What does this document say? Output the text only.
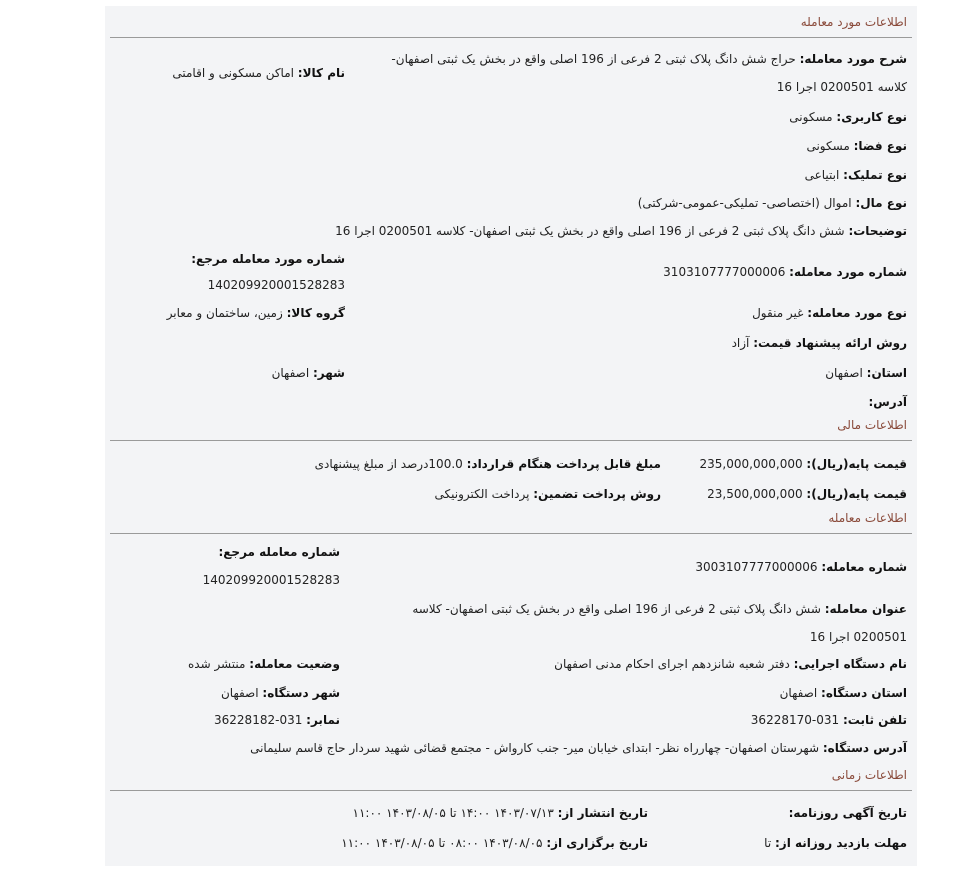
اطلاعات مورد معامله
شرح مورد معامله: حراج شش دانگ پلاک ثبتی 2 فرعی از 196 اصلی واقع در بخش یک ثبتی اصفهان- کلاسه 0200501 اجرا 16
نام کالا: اماکن مسکونی و اقامتی
نوع کاربری: مسکونی
نوع فضا: مسکونی
نوع تملیک: ابتیاعی
نوع مال: اموال (اختصاصی- تملیکی-عمومی-شرکتی)
توضیحات: شش دانگ پلاک ثبتی 2 فرعی از 196 اصلی واقع در بخش یک ثبتی اصفهان- کلاسه 0200501 اجرا 16
شماره مورد معامله مرجع:
140209920001528283
شماره مورد معامله: 3103107777000006
گروه کالا: زمین، ساختمان و معابر	نوع مورد معامله: غیر منقول
روش ارائه پیشنهاد قیمت: آزاد
استان: اصفهان
شهر: اصفهان
آدرس:
اطلاعات مالی
قیمت پایه(ریال): 235,000,000,000
مبلغ قابل پرداخت هنگام قرارداد: 100.0درصد از مبلغ پیشنهادی
قیمت پایه(ریال): 23,500,000,000
روش پرداخت تضمین: پرداخت الکترونیکی
اطلاعات معامله
شماره معامله: 3003107777000006
شماره معامله مرجع:
140209920001528283
عنوان معامله: شش دانگ پلاک ثبتی 2 فرعی از 196 اصلی واقع در بخش یک ثبتی اصفهان- کلاسه 0200501 اجرا 16
نام دستگاه اجرایی: دفتر شعبه شانزدهم اجرای احکام مدنی اصفهان
وضعیت معامله: منتشر شده
استان دستگاه: اصفهان
شهر دستگاه: اصفهان
تلفن ثابت: 031-36228170
نمابر: 031-36228182
آدرس دستگاه: شهرستان اصفهان- چهارراه نظر- ابتدای خیابان میر- جنب کارواش - مجتمع قضائی شهید سردار حاج قاسم سلیمانی
اطلاعات زمانی
تاریخ آگهی روزنامه:
تاریخ انتشار از: ۱۴۰۳/۰۷/۱۳ ۱۴:۰۰ تا ۱۴۰۳/۰۸/۰۵ ۱۱:۰۰
مهلت بازدید روزانه از: تا
تاریخ برگزاری از: ۱۴۰۳/۰۸/۰۵ ۰۸:۰۰ تا ۱۴۰۳/۰۸/۰۵ ۱۱:۰۰
